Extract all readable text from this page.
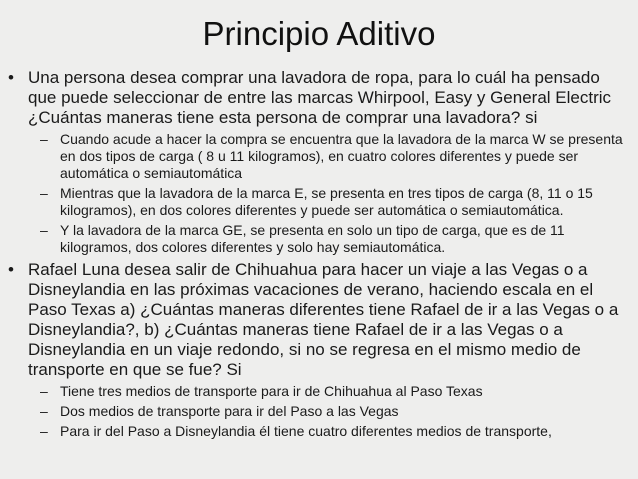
Principio Aditivo
• Una persona desea comprar una lavadora de ropa, para lo cuál ha pensado que puede seleccionar de entre las marcas Whirpool, Easy y General Electric ¿Cuántas maneras tiene esta persona de comprar una lavadora? si
– Cuando acude a hacer la compra se encuentra que la lavadora de la marca W se presenta en dos tipos de carga ( 8 u 11 kilogramos), en cuatro colores diferentes y puede ser automática o semiautomática
– Mientras que la lavadora de la marca E, se presenta en tres tipos de carga (8, 11 o 15 kilogramos), en dos colores diferentes y puede ser automática o semiautomática.
– Y la lavadora de la marca GE, se presenta en solo un tipo de carga, que es de 11 kilogramos, dos colores diferentes y solo hay semiautomática.
• Rafael Luna desea salir de Chihuahua para hacer un viaje a las Vegas o a Disneylandia en las próximas vacaciones de verano, haciendo escala en el Paso Texas a) ¿Cuántas maneras diferentes tiene Rafael de ir a las Vegas o a Disneylandia?, b) ¿Cuántas maneras tiene Rafael de ir a las Vegas o a Disneylandia en un viaje redondo, si no se regresa en el mismo medio de transporte en que se fue? Si
– Tiene tres medios de transporte para ir de Chihuahua al Paso Texas
– Dos medios de transporte para ir del Paso a las Vegas
– Para ir del Paso a Disneylandia él tiene cuatro diferentes medios de transporte,
